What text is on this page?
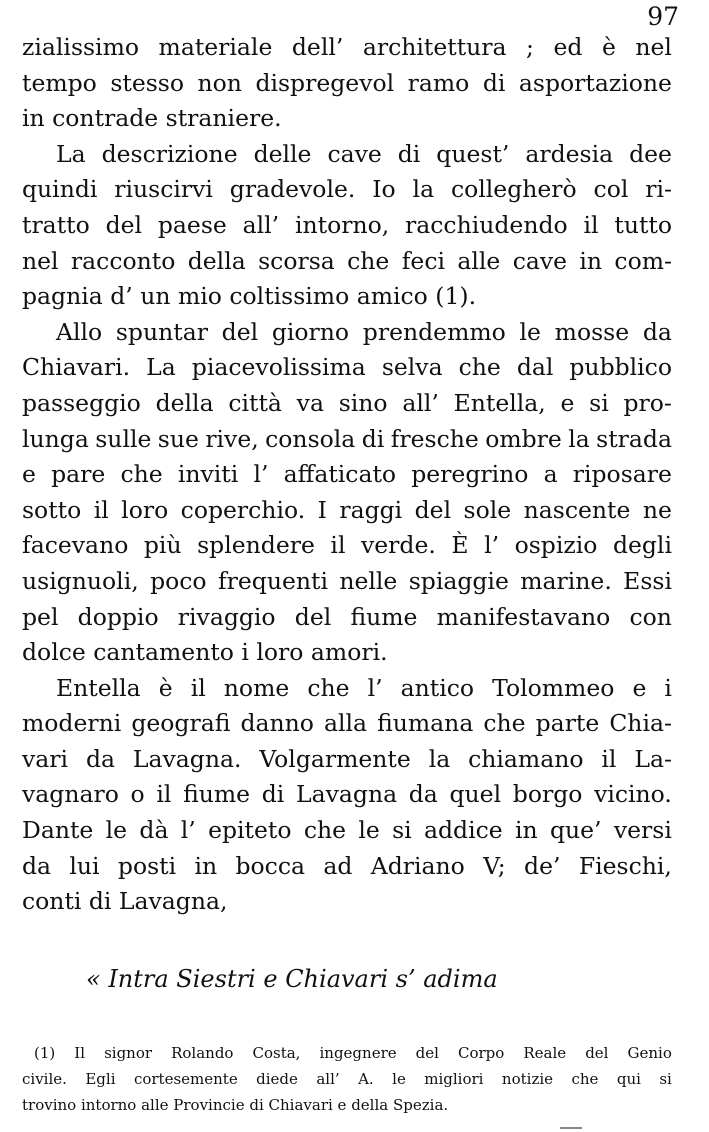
97
zialissimo materiale dell’ architettura ; ed è nel
tempo stesso non dispregevol ramo di asportazione
in contrade straniere.
La descrizione delle cave di quest’ ardesia dee
quindi riuscirvi gradevole. Io la collegherò col ri-
tratto del paese all’ intorno, racchiudendo il tutto
nel racconto della scorsa che feci alle cave in com-
pagnia d’ un mio coltissimo amico (1).
Allo spuntar del giorno prendemmo le mosse da
Chiavari. La piacevolissima selva che dal pubblico
passeggio della città va sino all’ Entella, e si pro-
lunga sulle sue rive, consola di fresche ombre la strada
e pare che inviti l’ affaticato peregrino a riposare
sotto il loro coperchio. I raggi del sole nascente ne
facevano più splendere il verde. È l’ ospizio degli
usignuoli, poco frequenti nelle spiaggie marine. Essi
pel doppio rivaggio del fiume manifestavano con
dolce cantamento i loro amori.
Entella è il nome che l’ antico Tolommeo e i
moderni geografi danno alla fiumana che parte Chia-
vari da Lavagna. Volgarmente la chiamano il La-
vagnaro o il fiume di Lavagna da quel borgo vicino.
Dante le dà l’ epiteto che le si addice in que’ versi
da lui posti in bocca ad Adriano V; de’ Fieschi,
conti di Lavagna,
« Intra Siestri e Chiavari s’ adima
(1) Il signor Rolando Costa, ingegnere del Corpo Reale del Genio
civile. Egli cortesemente diede all’ A. le migliori notizie che qui si
trovino intorno alle Provincie di Chiavari e della Spezia.
